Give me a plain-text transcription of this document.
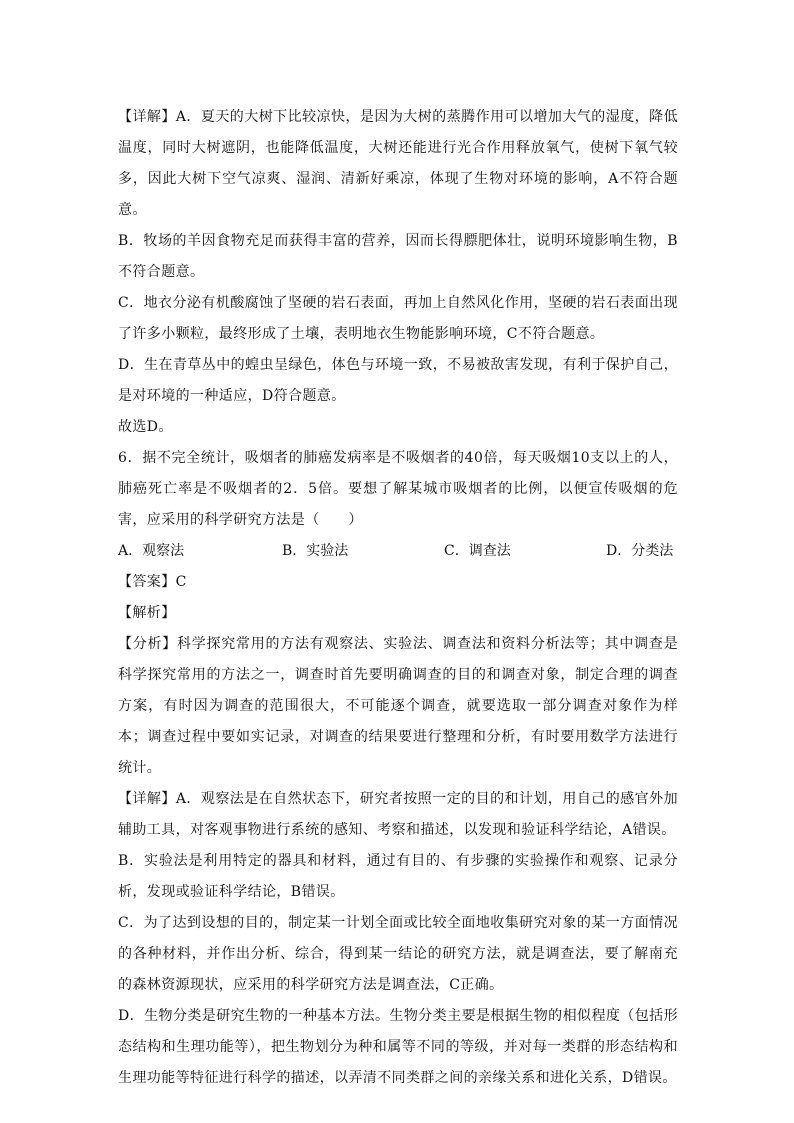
【详解】A．夏天的大树下比较凉快，是因为大树的蒸腾作用可以增加大气的湿度，降低温度，同时大树遮阴，也能降低温度，大树还能进行光合作用释放氧气，使树下氧气较多，因此大树下空气凉爽、湿润、清新好乘凉，体现了生物对环境的影响，A不符合题意。

B．牧场的羊因食物充足而获得丰富的营养，因而长得膘肥体壮，说明环境影响生物，B不符合题意。

C．地衣分泌有机酸腐蚀了坚硬的岩石表面，再加上自然风化作用，坚硬的岩石表面出现了许多小颗粒，最终形成了土壤，表明地衣生物能影响环境，C不符合题意。

D．生在青草丛中的蝗虫呈绿色，体色与环境一致，不易被敌害发现，有利于保护自己，是对环境的一种适应，D符合题意。

故选D。

6．据不完全统计，吸烟者的肺癌发病率是不吸烟者的40倍，每天吸烟10支以上的人，肺癌死亡率是不吸烟者的2．5倍。要想了解某城市吸烟者的比例，以便宣传吸烟的危害，应采用的科学研究方法是（　　）

A．观察法	B．实验法	C．调查法	D．分类法

【答案】C

【解析】

【分析】科学探究常用的方法有观察法、实验法、调查法和资料分析法等；其中调查是科学探究常用的方法之一，调查时首先要明确调查的目的和调查对象，制定合理的调查方案，有时因为调查的范围很大，不可能逐个调查，就要选取一部分调查对象作为样本；调查过程中要如实记录，对调查的结果要进行整理和分析，有时要用数学方法进行统计。

【详解】A．观察法是在自然状态下，研究者按照一定的目的和计划，用自己的感官外加辅助工具，对客观事物进行系统的感知、考察和描述，以发现和验证科学结论，A错误。

B．实验法是利用特定的器具和材料，通过有目的、有步骤的实验操作和观察、记录分析，发现或验证科学结论，B错误。

C．为了达到设想的目的，制定某一计划全面或比较全面地收集研究对象的某一方面情况的各种材料，并作出分析、综合，得到某一结论的研究方法，就是调查法，要了解南充的森林资源现状，应采用的科学研究方法是调查法，C正确。

D．生物分类是研究生物的一种基本方法。生物分类主要是根据生物的相似程度（包括形态结构和生理功能等），把生物划分为种和属等不同的等级，并对每一类群的形态结构和生理功能等特征进行科学的描述，以弄清不同类群之间的亲缘关系和进化关系，D错误。
